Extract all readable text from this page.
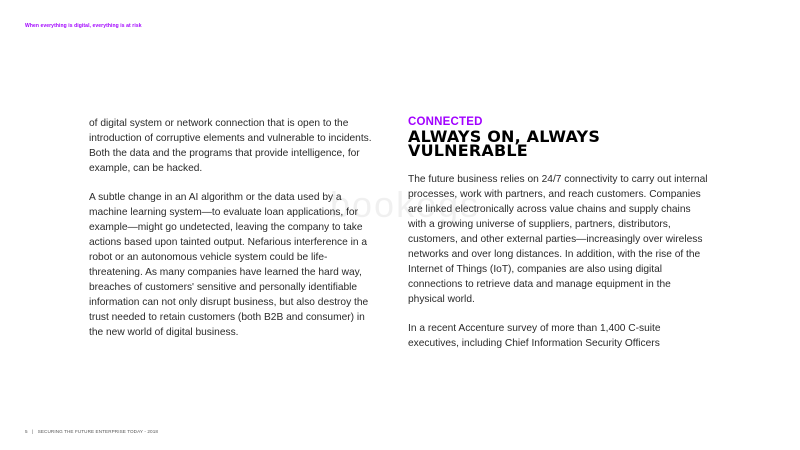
When everything is digital, everything is at risk

of digital system or network connection that is open to the introduction of corruptive elements and vulnerable to incidents. Both the data and the programs that provide intelligence, for example, can be hacked.

A subtle change in an AI algorithm or the data used by a machine learning system—to evaluate loan applications, for example—might go undetected, leaving the company to take actions based upon tainted output. Nefarious interference in a robot or an autonomous vehicle system could be life-threatening. As many companies have learned the hard way, breaches of customers' sensitive and personally identifiable information can not only disrupt business, but also destroy the trust needed to retain customers (both B2B and consumer) in the new world of digital business.

CONNECTED
ALWAYS ON, ALWAYS VULNERABLE

The future business relies on 24/7 connectivity to carry out internal processes, work with partners, and reach customers. Companies are linked electronically across value chains and supply chains with a growing universe of suppliers, partners, distributors, customers, and other external parties—increasingly over wireless networks and over long distances. In addition, with the rise of the Internet of Things (IoT), companies are also using digital connections to retrieve data and manage equipment in the physical world.

In a recent Accenture survey of more than 1,400 C-suite executives, including Chief Information Security Officers

bookogs
5 | SECURING THE FUTURE ENTERPRISE TODAY - 2018
